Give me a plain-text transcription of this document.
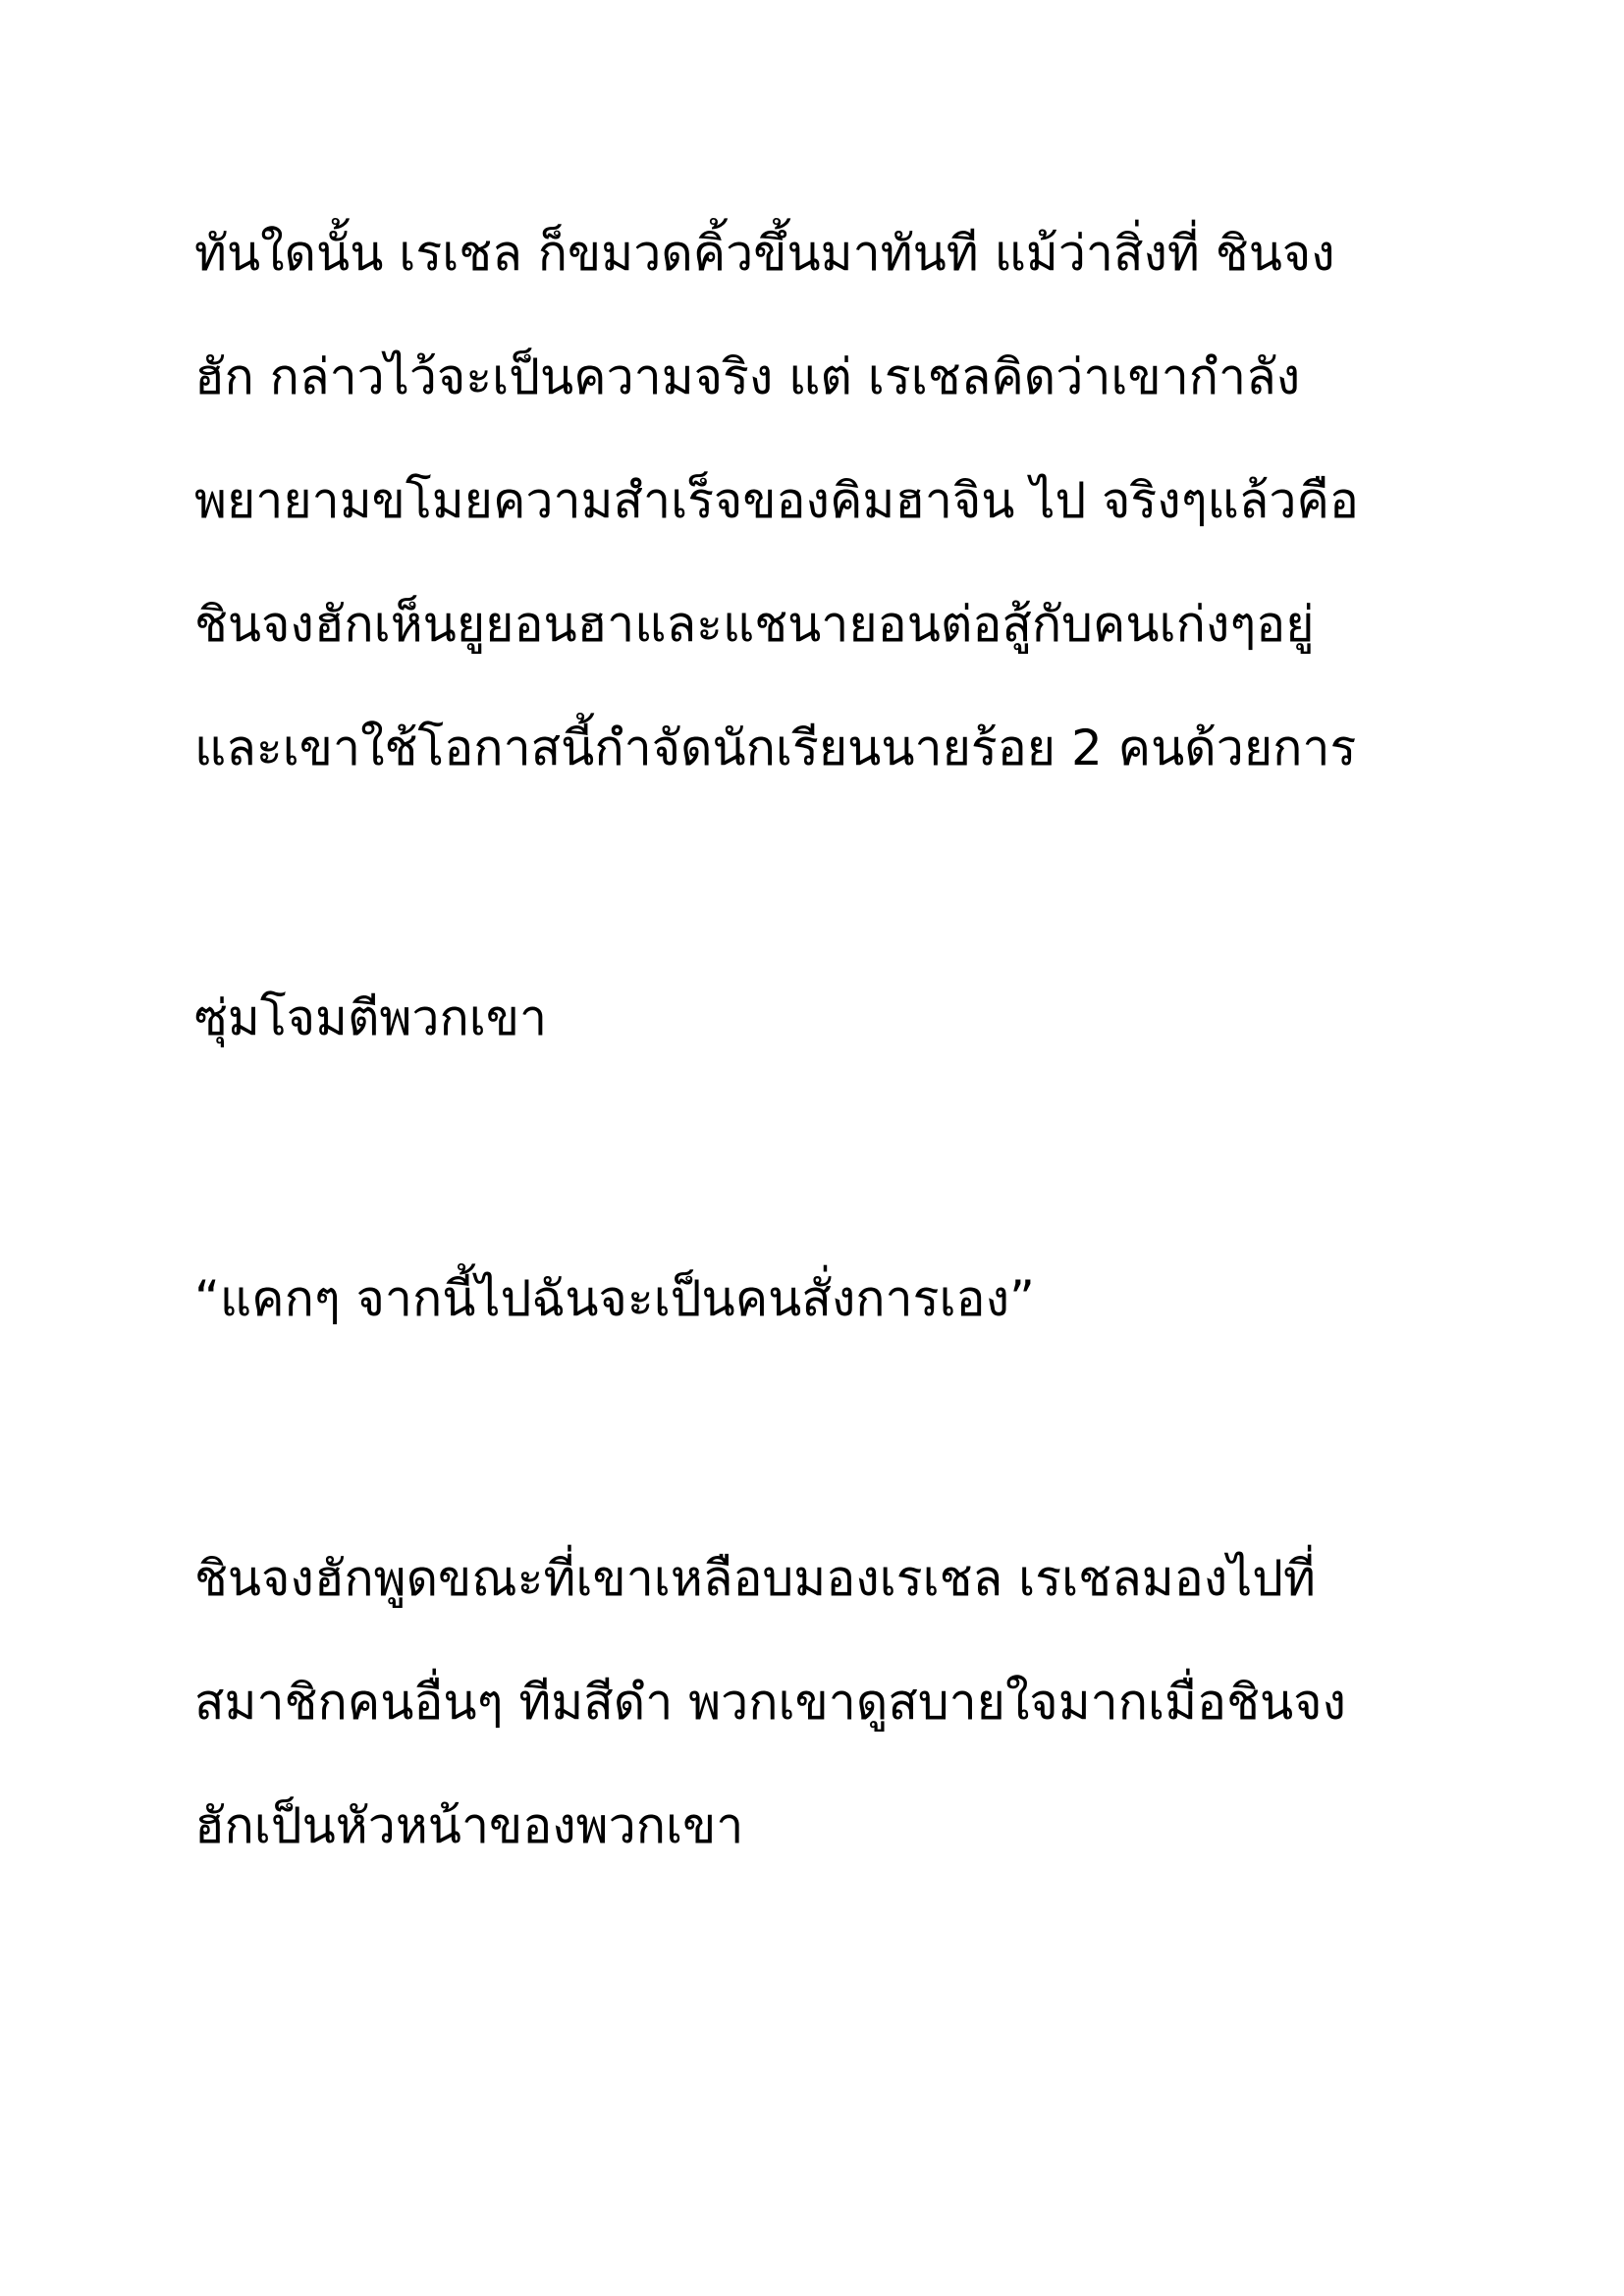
ทันใดนั้น เรเชล ก็ขมวดคิ้วขึ้นมาทันที แม้ว่าสิ่งที่ ชินจง
ฮัก กล่าวไว้จะเป็นความจริง แต่ เรเชลคิดว่าเขากำลัง
พยายามขโมยความสำเร็จของคิมฮาจิน ไป จริงๆแล้วคือ
ชินจงฮักเห็นยูยอนฮาและแชนายอนต่อสู้กับคนเก่งๆอยู่
และเขาใช้โอกาสนี้กำจัดนักเรียนนายร้อย 2 คนด้วยการ
ซุ่มโจมตีพวกเขา
“แคกๆ จากนี้ไปฉันจะเป็นคนสั่งการเอง”
ชินจงฮักพูดขณะที่เขาเหลือบมองเรเชล เรเชลมองไปที่
สมาชิกคนอื่นๆ ทีมสีดำ พวกเขาดูสบายใจมากเมื่อชินจง
ฮักเป็นหัวหน้าของพวกเขา
